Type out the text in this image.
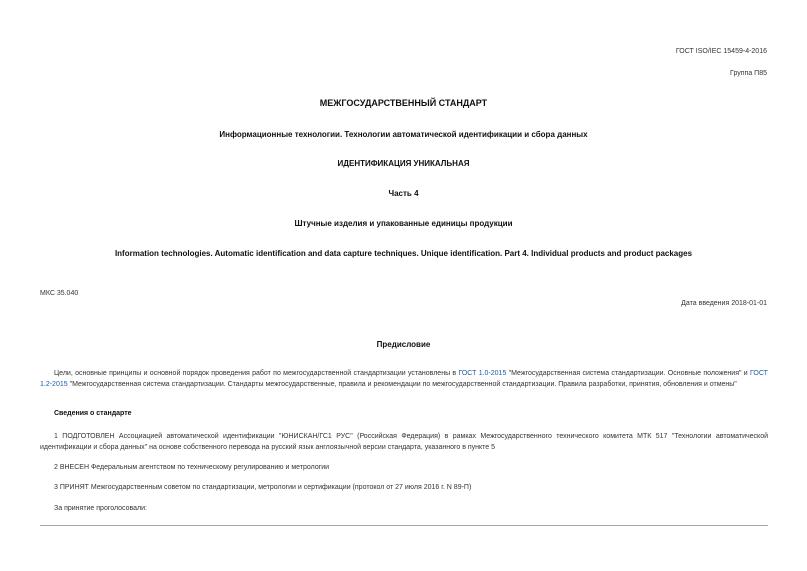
ГОСТ ISO/IEC 15459-4-2016
Группа П85
МЕЖГОСУДАРСТВЕННЫЙ СТАНДАРТ
Информационные технологии. Технологии автоматической идентификации и сбора данных
ИДЕНТИФИКАЦИЯ УНИКАЛЬНАЯ
Часть 4
Штучные изделия и упакованные единицы продукции
Information technologies. Automatic identification and data capture techniques. Unique identification. Part 4. Individual products and product packages
МКС 35.040
Дата введения 2018-01-01
Предисловие
Цели, основные принципы и основной порядок проведения работ по межгосударственной стандартизации установлены в ГОСТ 1.0-2015 "Межгосударственная система стандартизации. Основные положения" и ГОСТ 1.2-2015 "Межгосударственная система стандартизации. Стандарты межгосударственные, правила и рекомендации по межгосударственной стандартизации. Правила разработки, принятия, обновления и отмены"
Сведения о стандарте
1 ПОДГОТОВЛЕН Ассоциацией автоматической идентификации "ЮНИСКАН/ГС1 РУС" (Российская Федерация) в рамках Межгосударственного технического комитета МТК 517 "Технологии автоматической идентификации и сбора данных" на основе собственного перевода на русский язык англоязычной версии стандарта, указанного в пункте 5
2 ВНЕСЕН Федеральным агентством по техническому регулированию и метрологии
3 ПРИНЯТ Межгосударственным советом по стандартизации, метрологии и сертификации (протокол от 27 июля 2016 г. N 89-П)
За принятие проголосовали:
